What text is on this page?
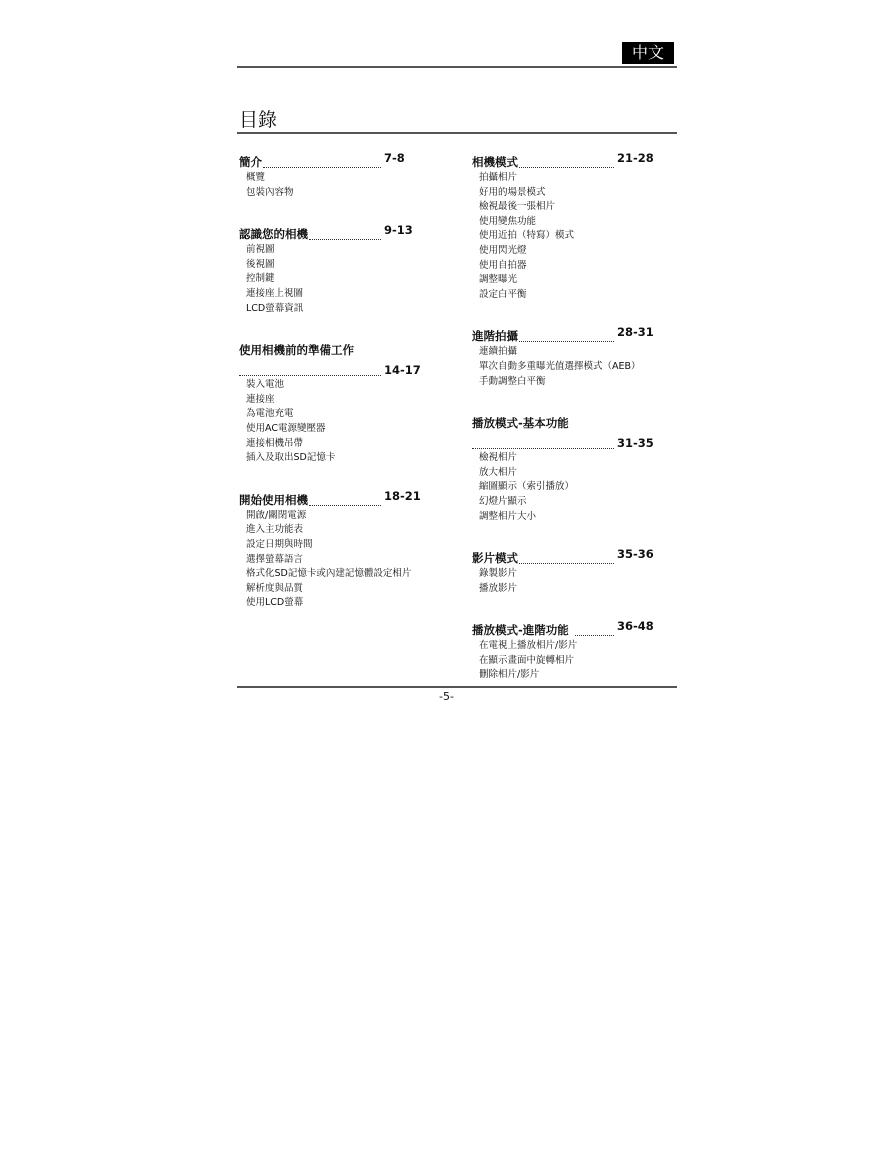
中文
目錄
簡介	7-8
概覽
包裝內容物
認識您的相機	9-13
前視圖
後視圖
控制鍵
連接座上視圖
LCD螢幕資訊
使用相機前的準備工作
14-17
裝入電池
連接座
為電池充電
使用AC電源變壓器
連接相機吊帶
插入及取出SD記憶卡
開始使用相機	18-21
開啟/關閉電源
進入主功能表
設定日期與時間
選擇螢幕語言
格式化SD記憶卡或內建記憶體設定相片
解析度與品質
使用LCD螢幕
相機模式	21-28
拍攝相片
好用的場景模式
檢視最後一張相片
使用變焦功能
使用近拍（特寫）模式
使用閃光燈
使用自拍器
調整曝光
設定白平衡
進階拍攝	28-31
連續拍攝
單次自動多重曝光值選擇模式（AEB）
手動調整白平衡
播放模式-基本功能
31-35
檢視相片
放大相片
縮圖顯示（索引播放）
幻燈片顯示
調整相片大小
影片模式	35-36
錄製影片
播放影片
播放模式-進階功能	36-48
在電視上播放相片/影片
在顯示畫面中旋轉相片
刪除相片/影片
-5-
